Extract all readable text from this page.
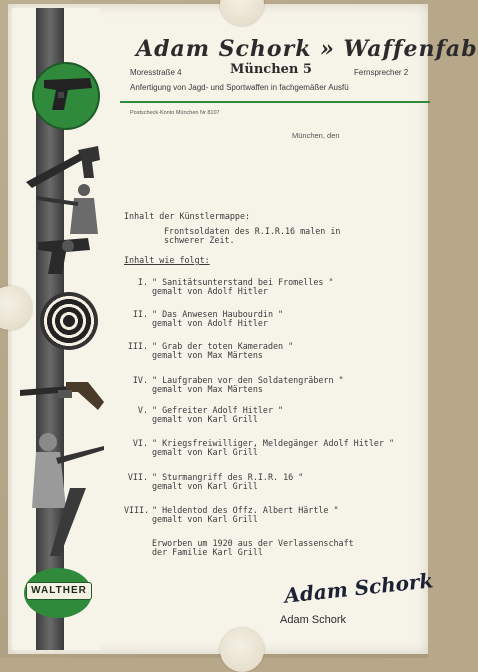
WALTHER
Adam Schork » Waffenfab
Moresstraße 4	München 5	Fernsprecher 2
Anfertigung von Jagd- und Sportwaffen in fachgemäßer Ausfü
Postscheck-Konto München Nr 8107
München, den
Inhalt der Künstlermappe:
Frontsoldaten des R.I.R.16 malen in
schwerer Zeit.
Inhalt wie folgt:
I. " Sanitätsunterstand bei Fromelles "
gemalt von Adolf Hitler
II. " Das Anwesen Haubourdin "
gemalt von Adolf Hitler
III. " Grab der toten Kameraden "
gemalt von Max Märtens
IV. " Laufgraben vor den Soldatengräbern "
gemalt von Max Märtens
V. " Gefreiter Adolf Hitler "
gemalt von Karl Grill
VI. " Kriegsfreiwilliger, Meldegänger Adolf Hitler "
gemalt von Karl Grill
VII. " Sturmangriff des R.I.R. 16 "
gemalt von Karl Grill
VIII. " Heldentod des Offz. Albert Härtle "
gemalt von Karl Grill
Erworben um 1920 aus der Verlassenschaft
der Familie Karl Grill
Adam Schork
Adam Schork
